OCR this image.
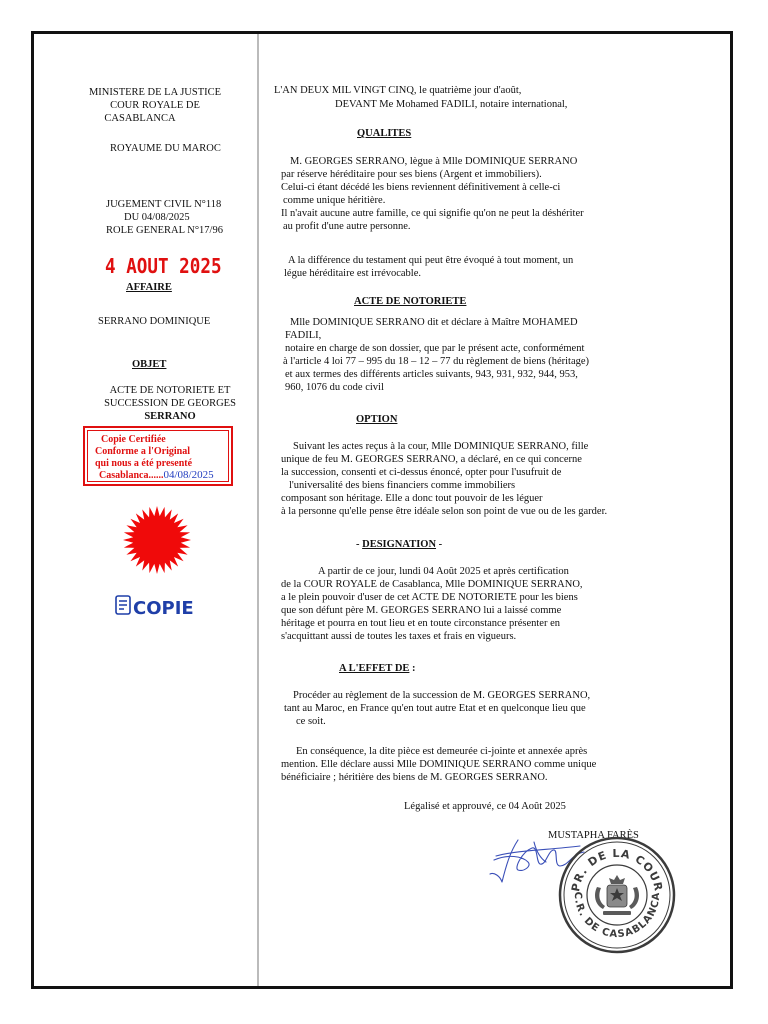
MINISTERE DE LA JUSTICE
COUR ROYALE DE
CASABLANCA
ROYAUME DU MAROC
JUGEMENT CIVIL N°118
DU 04/08/2025
ROLE GENERAL N°17/96
4 AOUT 2025
AFFAIRE
SERRANO DOMINIQUE
OBJET
ACTE DE NOTORIETE ET
SUCCESSION DE GEORGES
SERRANO
Copie Certifiée
Conforme a l'Original
qui nous a été presenté
Casablanca......04/08/2025
COPIE
L'AN DEUX MIL VINGT CINQ, le quatrième jour d'août,
DEVANT Me Mohamed FADILI, notaire international,
QUALITES
M. GEORGES SERRANO, lègue à Mlle DOMINIQUE SERRANO
par réserve héréditaire pour ses biens (Argent et immobiliers).
Celui-ci étant décédé les biens reviennent définitivement à celle-ci
comme unique héritière.
Il n'avait aucune autre famille, ce qui signifie qu'on ne peut la déshériter
au profit d'une autre personne.
A la différence du testament qui peut être évoqué à tout moment, un
légue héréditaire est irrévocable.
ACTE DE NOTORIETE
Mlle DOMINIQUE SERRANO dit et déclare à Maître MOHAMED
FADILI,
notaire en charge de son dossier, que par le présent acte, conformément
à l'article 4 loi 77 – 995 du 18 – 12 – 77 du règlement de biens (héritage)
et aux termes des différents articles suivants, 943, 931, 932, 944, 953,
960, 1076 du code civil
OPTION
Suivant les actes reçus à la cour, Mlle DOMINIQUE SERRANO, fille
unique de feu M. GEORGES SERRANO, a déclaré, en ce qui concerne
la succession, consenti et ci-dessus énoncé, opter pour l'usufruit de
l'universalité des biens financiers comme immobiliers
composant son héritage. Elle a donc tout pouvoir de les léguer
à la personne qu'elle pense être idéale selon son point de vue ou de les garder.
- DESIGNATION -
A partir de ce jour, lundi 04 Août 2025 et après certification
de la COUR ROYALE de Casablanca, Mlle DOMINIQUE SERRANO,
a le plein pouvoir d'user de cet ACTE DE NOTORIETE pour les biens
que son défunt père M. GEORGES SERRANO lui a laissé comme
héritage et pourra en tout lieu et en toute circonstance présenter en
s'acquittant aussi de toutes les taxes et frais en vigueurs.
A L'EFFET DE :
Procéder au règlement de la succession de M. GEORGES SERRANO,
tant au Maroc, en France qu'en tout autre Etat et en quelconque lieu que
ce soit.
En conséquence, la dite pièce est demeurée ci-jointe et annexée après
mention. Elle déclare aussi Mlle DOMINIQUE SERRANO comme unique
bénéficiaire ; héritière des biens de M. GEORGES SERRANO.
Légalisé et approuvé, ce 04 Août 2025
MUSTAPHA FARÈS
PR. DE LA COUR
C.R. DE CASABLANCA
